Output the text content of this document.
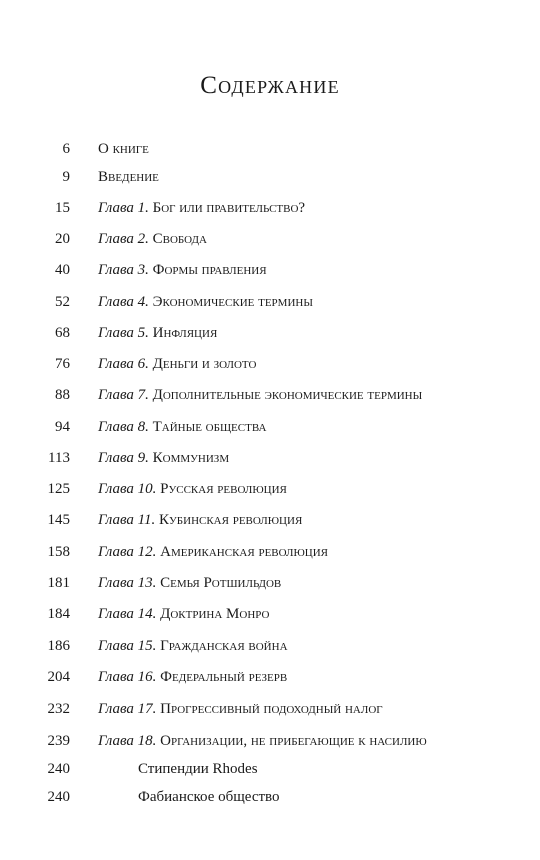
Содержание
6 О книге
9 Введение
15 Глава 1. Бог или правительство?
20 Глава 2. Свобода
40 Глава 3. Формы правления
52 Глава 4. Экономические термины
68 Глава 5. Инфляция
76 Глава 6. Деньги и золото
88 Глава 7. Дополнительные экономические термины
94 Глава 8. Тайные общества
113 Глава 9. Коммунизм
125 Глава 10. Русская революция
145 Глава 11. Кубинская революция
158 Глава 12. Американская революция
181 Глава 13. Семья Ротшильдов
184 Глава 14. Доктрина Монро
186 Глава 15. Гражданская война
204 Глава 16. Федеральный резерв
232 Глава 17. Прогрессивный подоходный налог
239 Глава 18. Организации, не прибегающие к насилию
240	Стипендии Rhodes
240	Фабианское общество
